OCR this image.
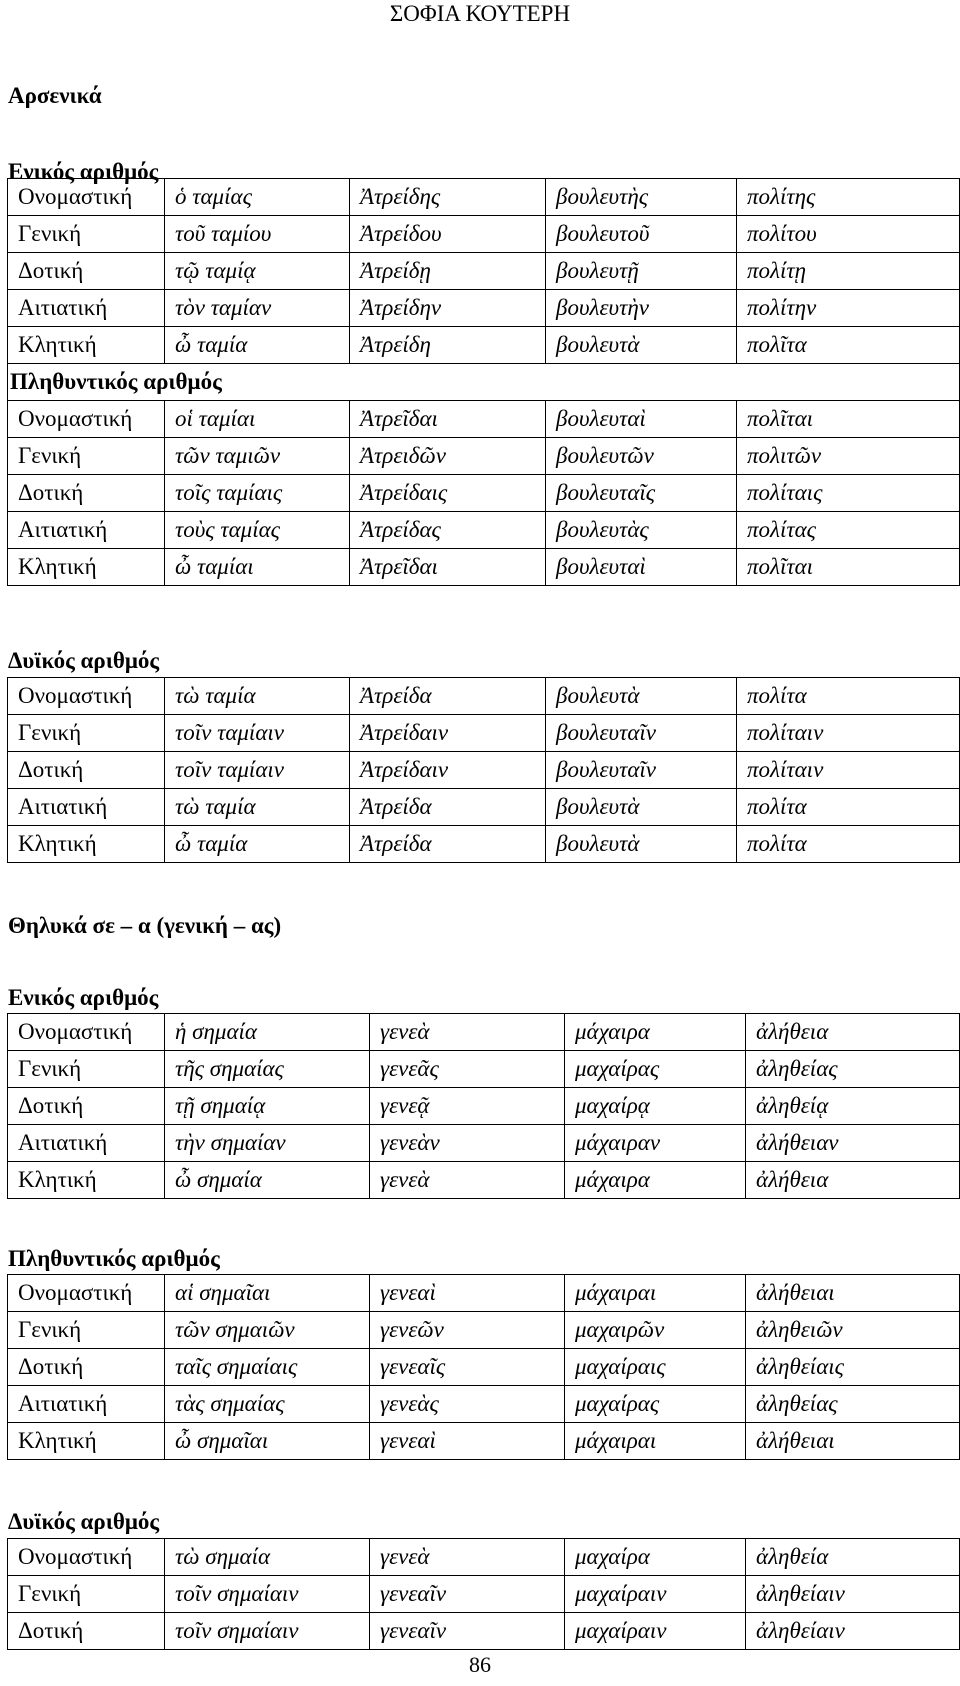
ΣΟΦΙΑ ΚΟΥΤΕΡΗ
Αρσενικά
Ενικός αριθμός
Ονομαστική	ὁ ταμίας	Ἀτρείδης	βουλευτὴς	πολίτης
Γενική	τοῦ ταμίου	Ἀτρείδου	βουλευτοῦ	πολίτου
Δοτική	τῷ ταμίᾳ	Ἀτρείδῃ	βουλευτῇ	πολίτῃ
Αιτιατική	τὸν ταμίαν	Ἀτρείδην	βουλευτὴν	πολίτην
Κλητική	ὦ ταμία	Ἀτρείδη	βουλευτὰ	πολῖτα
Πληθυντικός αριθμός				
Ονομαστική	οἱ ταμίαι	Ἀτρεῖδαι	βουλευταὶ	πολῖται
Γενική	τῶν ταμιῶν	Ἀτρειδῶν	βουλευτῶν	πολιτῶν
Δοτική	τοῖς ταμίαις	Ἀτρείδαις	βουλευταῖς	πολίταις
Αιτιατική	τοὺς ταμίας	Ἀτρείδας	βουλευτὰς	πολίτας
Κλητική	ὦ ταμίαι	Ἀτρεῖδαι	βουλευταὶ	πολῖται
Δυϊκός αριθμός
Ονομαστική	τὼ ταμία	Ἀτρείδα	βουλευτὰ	πολίτα
Γενική	τοῖν ταμίαιν	Ἀτρείδαιν	βουλευταῖν	πολίταιν
Δοτική	τοῖν ταμίαιν	Ἀτρείδαιν	βουλευταῖν	πολίταιν
Αιτιατική	τὼ ταμία	Ἀτρείδα	βουλευτὰ	πολίτα
Κλητική	ὦ ταμία	Ἀτρείδα	βουλευτὰ	πολίτα
Θηλυκά σε – α (γενική – ας)
Ενικός αριθμός
Ονομαστική	ἡ σημαία	γενεὰ	μάχαιρα	ἀλήθεια
Γενική	τῆς σημαίας	γενεᾶς	μαχαίρας	ἀληθείας
Δοτική	τῇ σημαίᾳ	γενεᾷ	μαχαίρᾳ	ἀληθείᾳ
Αιτιατική	τὴν σημαίαν	γενεὰν	μάχαιραν	ἀλήθειαν
Κλητική	ὦ σημαία	γενεὰ	μάχαιρα	ἀλήθεια
Πληθυντικός αριθμός
Ονομαστική	αἱ σημαῖαι	γενεαὶ	μάχαιραι	ἀλήθειαι
Γενική	τῶν σημαιῶν	γενεῶν	μαχαιρῶν	ἀληθειῶν
Δοτική	ταῖς σημαίαις	γενεαῖς	μαχαίραις	ἀληθείαις
Αιτιατική	τὰς σημαίας	γενεὰς	μαχαίρας	ἀληθείας
Κλητική	ὦ σημαῖαι	γενεαὶ	μάχαιραι	ἀλήθειαι
Δυϊκός αριθμός
Ονομαστική	τὼ σημαία	γενεὰ	μαχαίρα	ἀληθεία
Γενική	τοῖν σημαίαιν	γενεαῖν	μαχαίραιν	ἀληθείαιν
Δοτική	τοῖν σημαίαιν	γενεαῖν	μαχαίραιν	ἀληθείαιν
86
